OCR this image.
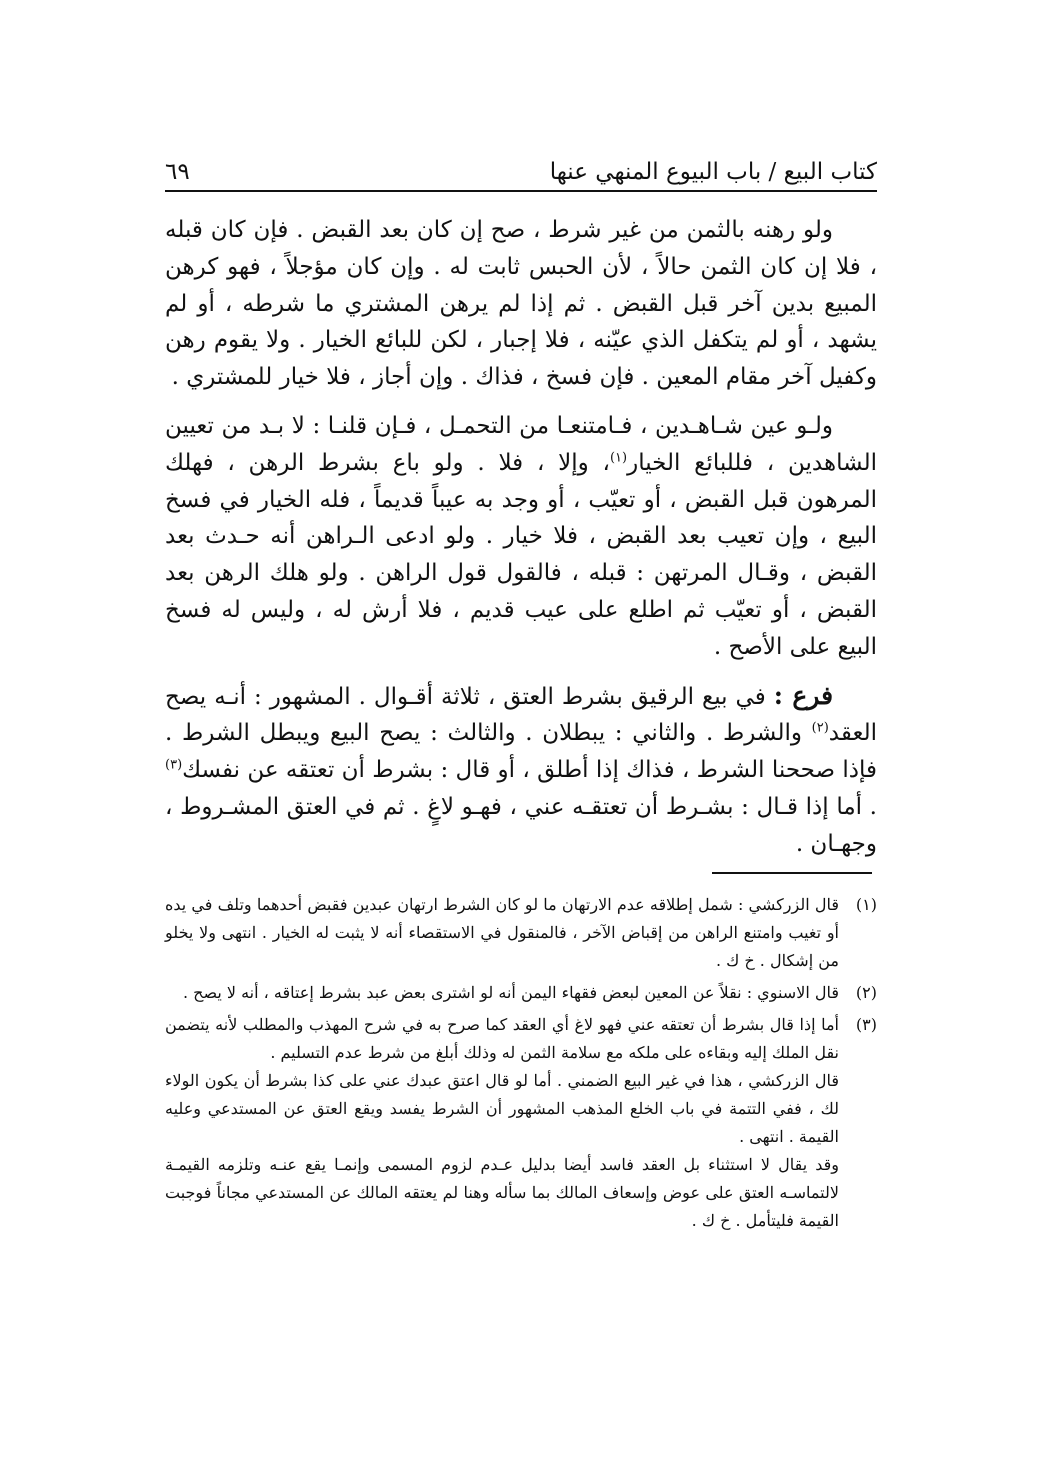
كتاب البيع / باب البيوع المنهي عنها
٦٩

ولو رهنه بالثمن من غير شرط ، صح إن كان بعد القبض . فإن كان قبله ، فلا إن كان الثمن حالاً ، لأن الحبس ثابت له . وإن كان مؤجلاً ، فهو كرهن المبيع بدين آخر قبل القبض . ثم إذا لم يرهن المشتري ما شرطه ، أو لم يشهد ، أو لم يتكفل الذي عيّنه ، فلا إجبار ، لكن للبائع الخيار . ولا يقوم رهن وكفيل آخر مقام المعين . فإن فسخ ، فذاك . وإن أجاز ، فلا خيار للمشتري .

ولـو عين شـاهـدين ، فـامتنعـا من التحمـل ، فـإن قلنـا : لا بـد من تعيين الشاهدين ، فللبائع الخيار$^{(١)}$، وإلا ، فلا . ولو باع بشرط الرهن ، فهلك المرهون قبل القبض ، أو تعيّب ، أو وجد به عيباً قديماً ، فله الخيار في فسخ البيع ، وإن تعيب بعد القبض ، فلا خيار . ولو ادعى الـراهن أنه حـدث بعد القبض ، وقـال المرتهن : قبله ، فالقول قول الراهن . ولو هلك الرهن بعد القبض ، أو تعيّب ثم اطلع على عيب قديم ، فلا أرش له ، وليس له فسخ البيع على الأصح .

فرع : في بيع الرقيق بشرط العتق ، ثلاثة أقـوال . المشهور : أنـه يصح العقد$^{(٢)}$ والشرط . والثاني : يبطلان . والثالث : يصح البيع ويبطل الشرط . فإذا صححنا الشرط ، فذاك إذا أطلق ، أو قال : بشرط أن تعتقه عن نفسك$^{(٣)}$ . أما إذا قـال : بشـرط أن تعتقـه عني ، فهـو لاغٍ . ثم في العتق المشـروط ، وجهـان .

(١)

قال الزركشي : شمل إطلاقه عدم الارتهان ما لو كان الشرط ارتهان عبدين فقبض أحدهما وتلف في يده أو تغيب وامتنع الراهن من إقباض الآخر ، فالمنقول في الاستقصاء أنه لا يثبت له الخيار . انتهى ولا يخلو من إشكال . خ ك .

(٢)

قال الاسنوي : نقلاً عن المعين لبعض فقهاء اليمن أنه لو اشترى بعض عبد بشرط إعتاقه ، أنه لا يصح .

(٣)

أما إذا قال بشرط أن تعتقه عني فهو لاغ أي العقد كما صرح به في شرح المهذب والمطلب لأنه يتضمن نقل الملك إليه وبقاءه على ملكه مع سلامة الثمن له وذلك أبلغ من شرط عدم التسليم .

قال الزركشي ، هذا في غير البيع الضمني . أما لو قال اعتق عبدك عني على كذا بشرط أن يكون الولاء لك ، ففي التتمة في باب الخلع المذهب المشهور أن الشرط يفسد ويقع العتق عن المستدعي وعليه القيمة . انتهى .

وقد يقال لا استثناء بل العقد فاسد أيضا بدليل عـدم لزوم المسمى وإنمـا يقع عنـه وتلزمه القيمـة لالتماسـه العتق على عوض وإسعاف المالك بما سأله وهنا لم يعتقه المالك عن المستدعي مجاناً فوجبت القيمة فليتأمل . خ ك .
